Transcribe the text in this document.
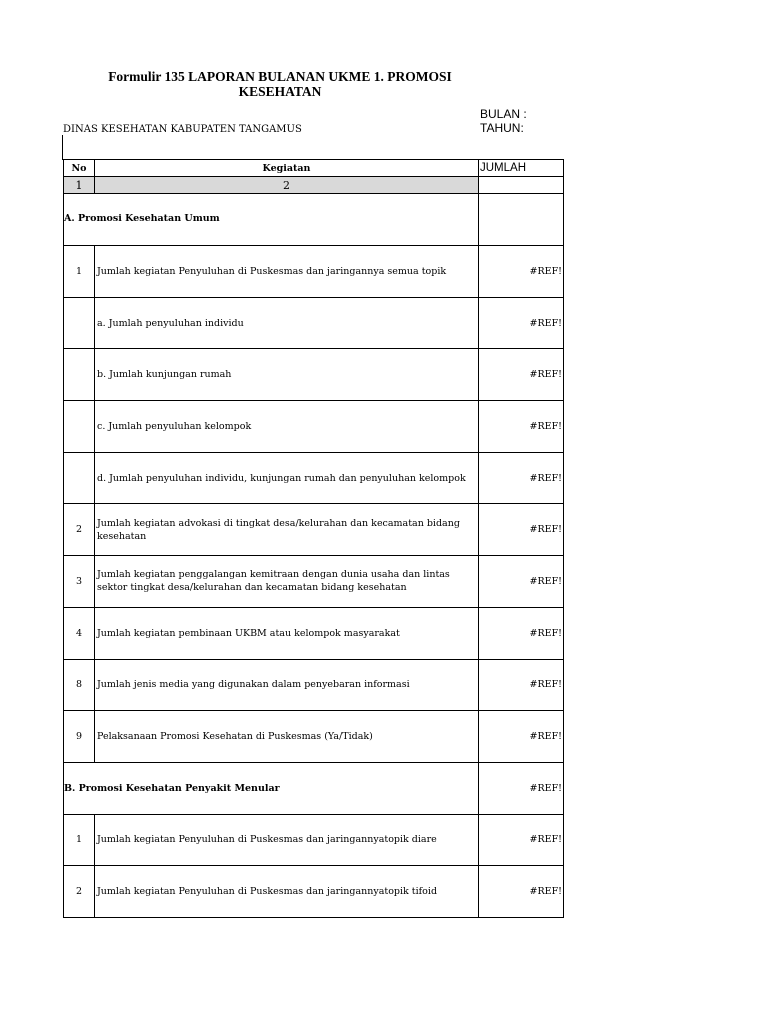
Formulir 135 LAPORAN BULANAN UKME 1. PROMOSI
KESEHATAN
BULAN :
TAHUN:
DINAS KESEHATAN KABUPATEN TANGAMUS
No	Kegiatan	JUMLAH
1	2	
A. Promosi Kesehatan Umum		
1	Jumlah kegiatan Penyuluhan di Puskesmas dan jaringannya semua topik	#REF!
	a. Jumlah penyuluhan individu	#REF!
	b. Jumlah kunjungan rumah	#REF!
	c. Jumlah penyuluhan kelompok	#REF!
	d. Jumlah penyuluhan individu, kunjungan rumah dan penyuluhan kelompok	#REF!
2	Jumlah kegiatan advokasi di tingkat desa/kelurahan dan kecamatan bidang kesehatan	#REF!
3	Jumlah kegiatan penggalangan kemitraan dengan dunia usaha dan lintas sektor tingkat desa/kelurahan dan kecamatan bidang kesehatan	#REF!
4	Jumlah kegiatan pembinaan UKBM atau kelompok masyarakat	#REF!
8	Jumlah jenis media yang digunakan dalam penyebaran informasi	#REF!
9	Pelaksanaan Promosi Kesehatan di Puskesmas (Ya/Tidak)	#REF!
B. Promosi Kesehatan Penyakit Menular		#REF!
1	Jumlah kegiatan Penyuluhan di Puskesmas dan jaringannyatopik diare	#REF!
2	Jumlah kegiatan Penyuluhan di Puskesmas dan jaringannyatopik tifoid	#REF!
